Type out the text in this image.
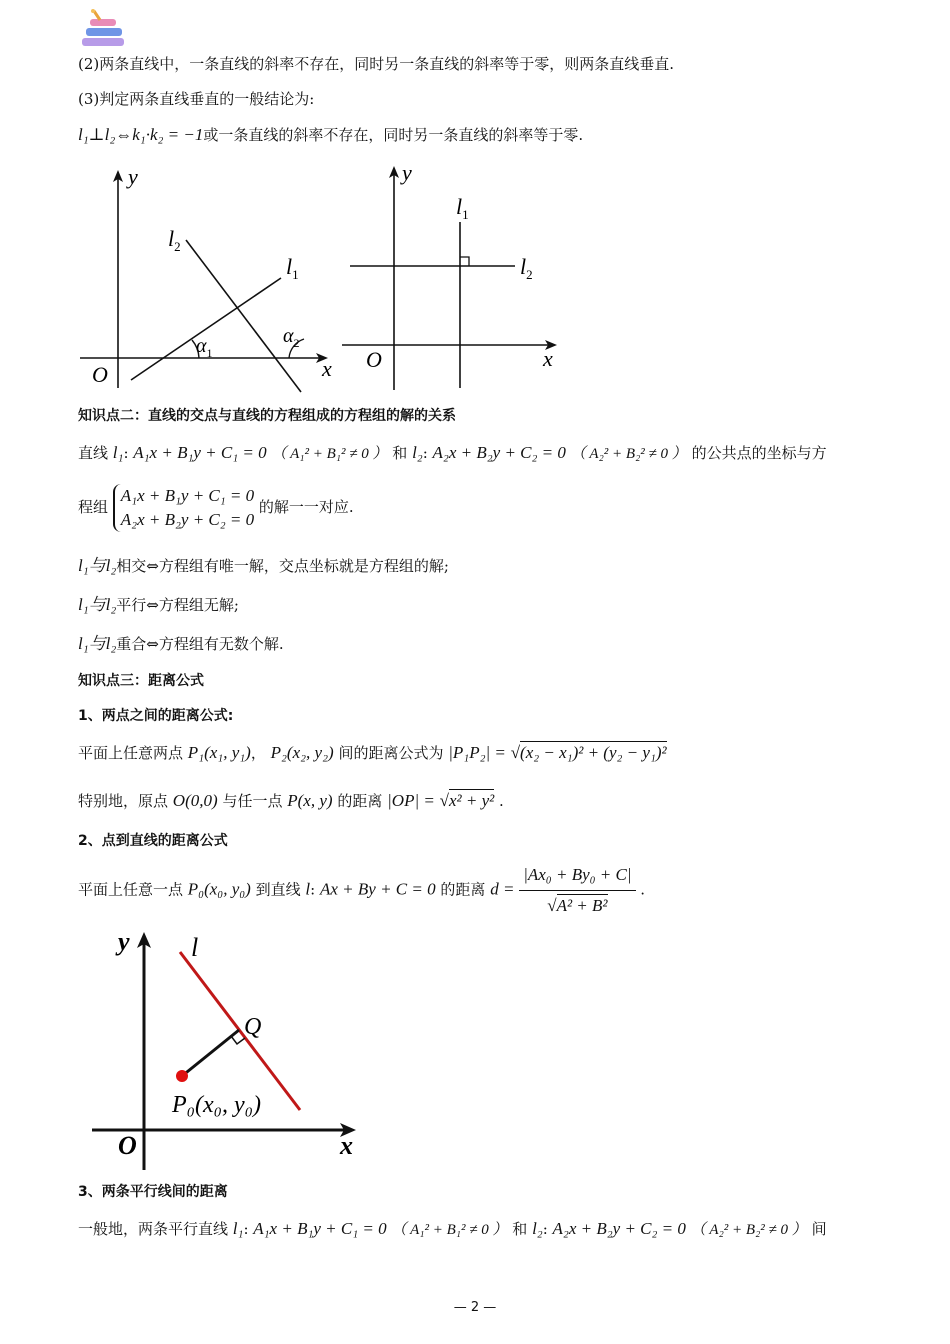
(2)两条直线中，一条直线的斜率不存在，同时另一条直线的斜率等于零，则两条直线垂直.
(3)判定两条直线垂直的一般结论为:
l₁⊥l₂⇔k₁·k₂ = −1或一条直线的斜率不存在，同时另一条直线的斜率等于零.
y
x
O
$l_2$
$l_1$
$\alpha_1$
$\alpha_2$
y
x
O
$l_1$
$l_2$
知识点二：直线的交点与直线的方程组成的方程组的解的关系
直线 l₁: A₁x + B₁y + C₁ = 0 （ A₁² + B₁² ≠ 0 ） 和 l₂: A₂x + B₂y + C₂ = 0 （ A₂² + B₂² ≠ 0 ） 的公共点的坐标与方
程组
A₁x + B₁y + C₁ = 0
A₂x + B₂y + C₂ = 0
的解一一对应.
l₁与l₂相交⇔方程组有唯一解，交点坐标就是方程组的解;
l₁与l₂平行⇔方程组无解;
l₁与l₂重合⇔方程组有无数个解.
知识点三：距离公式
1、两点之间的距离公式:
平面上任意两点 P₁(x₁, y₁)， P₂(x₂, y₂) 间的距离公式为 |P₁P₂| = √(x₂ − x₁)² + (y₂ − y₁)²
特别地，原点 O(0,0) 与任一点 P(x, y) 的距离 |OP| = √x² + y² .
2、点到直线的距离公式
平面上任意一点 P₀(x₀, y₀) 到直线 l: Ax + By + C = 0 的距离 $d = \frac{\text{|Ax₀ + By₀ + C|}}{\text{√A² + B²}}$ .
y
x
O
l
Q
P₀(x₀, y₀)
3、两条平行线间的距离
一般地，两条平行直线 l₁: A₁x + B₁y + C₁ = 0 （ A₁² + B₁² ≠ 0 ） 和 l₂: A₂x + B₂y + C₂ = 0 （ A₂² + B₂² ≠ 0 ） 间
— 2 —
